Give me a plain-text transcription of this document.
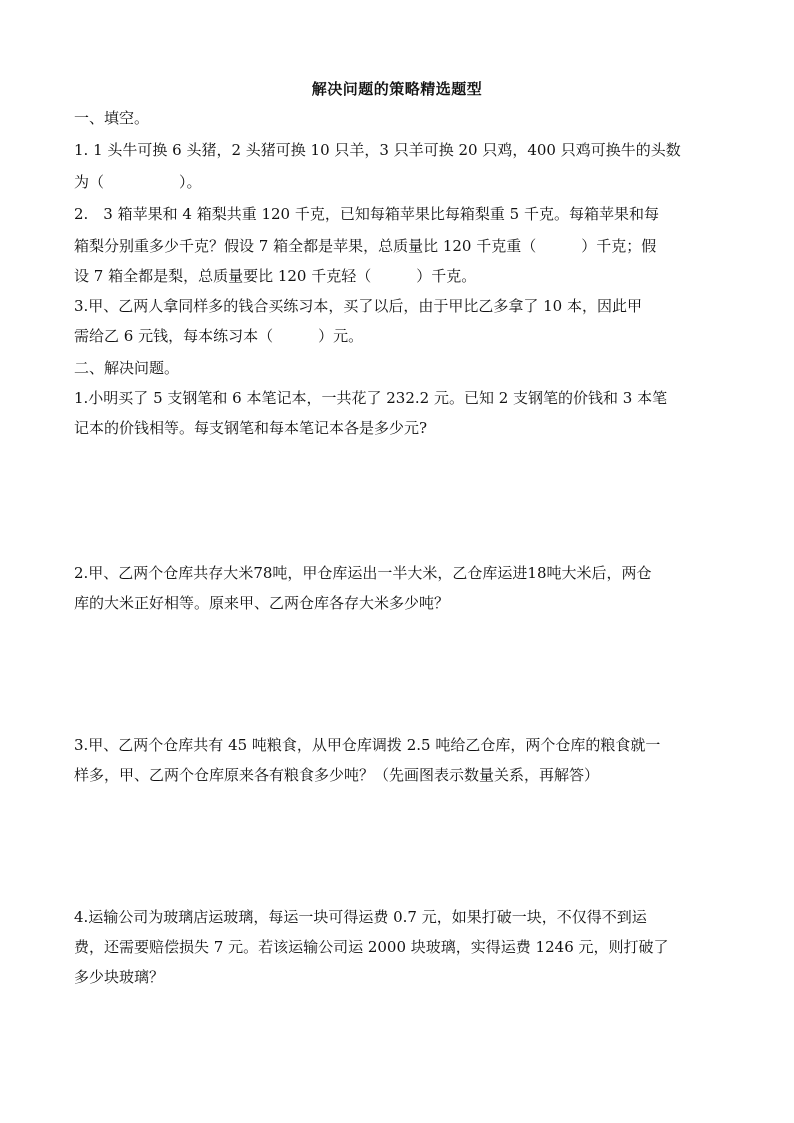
解决问题的策略精选题型
一、填空。
1. 1 头牛可换 6 头猪，2 头猪可换 10 只羊，3 只羊可换 20 只鸡，400 只鸡可换牛的头数
为（　　　　　）。
2.　3 箱苹果和 4 箱梨共重 120 千克，已知每箱苹果比每箱梨重 5 千克。每箱苹果和每
箱梨分别重多少千克？假设 7 箱全都是苹果，总质量比 120 千克重（　　　）千克；假
设 7 箱全都是梨，总质量要比 120 千克轻（　　　）千克。
3.甲、乙两人拿同样多的钱合买练习本，买了以后，由于甲比乙多拿了 10 本，因此甲
需给乙 6 元钱，每本练习本（　　　）元。
二、解决问题。
1.小明买了 5 支钢笔和 6 本笔记本，一共花了 232.2 元。已知 2 支钢笔的价钱和 3 本笔
记本的价钱相等。每支钢笔和每本笔记本各是多少元?
2.甲、乙两个仓库共存大米78吨，甲仓库运出一半大米，乙仓库运进18吨大米后，两仓
库的大米正好相等。原来甲、乙两仓库各存大米多少吨？
3.甲、乙两个仓库共有 45 吨粮食，从甲仓库调拨 2.5 吨给乙仓库，两个仓库的粮食就一
样多，甲、乙两个仓库原来各有粮食多少吨？（先画图表示数量关系，再解答）
4.运输公司为玻璃店运玻璃，每运一块可得运费 0.7 元，如果打破一块，不仅得不到运
费，还需要赔偿损失 7 元。若该运输公司运 2000 块玻璃，实得运费 1246 元，则打破了
多少块玻璃？
